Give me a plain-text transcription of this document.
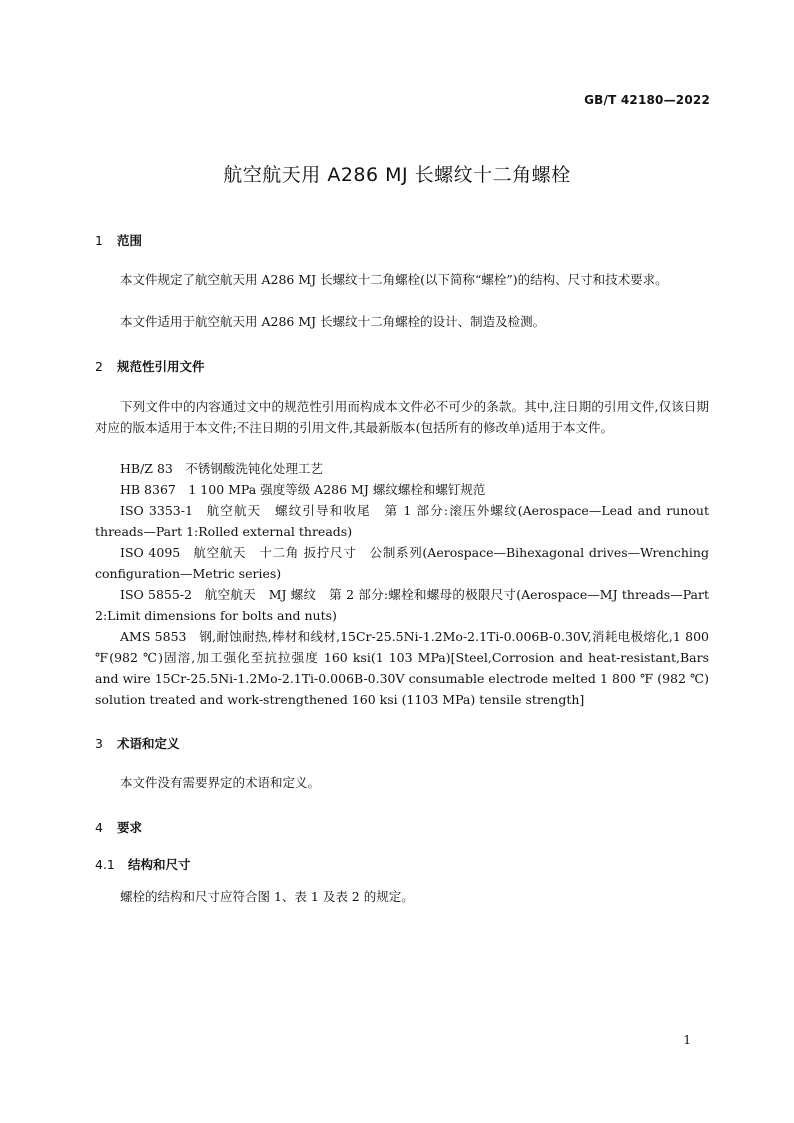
GB/T 42180—2022
航空航天用 A286 MJ 长螺纹十二角螺栓
1 范围
本文件规定了航空航天用 A286 MJ 长螺纹十二角螺栓(以下简称“螺栓”)的结构、尺寸和技术要求。
本文件适用于航空航天用 A286 MJ 长螺纹十二角螺栓的设计、制造及检测。
2 规范性引用文件
下列文件中的内容通过文中的规范性引用而构成本文件必不可少的条款。其中,注日期的引用文件,仅该日期对应的版本适用于本文件;不注日期的引用文件,其最新版本(包括所有的修改单)适用于本文件。
HB/Z 83  不锈钢酸洗钝化处理工艺
HB 8367  1 100 MPa 强度等级 A286 MJ 螺纹螺栓和螺钉规范
ISO 3353-1  航空航天　螺纹引导和收尾　第 1 部分:滚压外螺纹(Aerospace—Lead and runout threads—Part 1:Rolled external threads)
ISO 4095  航空航天　十二角 扳拧尺寸　公制系列(Aerospace—Bihexagonal drives—Wrenching configuration—Metric series)
ISO 5855-2  航空航天　MJ 螺纹　第 2 部分:螺栓和螺母的极限尺寸(Aerospace—MJ threads—Part 2:Limit dimensions for bolts and nuts)
AMS 5853  钢,耐蚀耐热,棒材和线材,15Cr-25.5Ni-1.2Mo-2.1Ti-0.006B-0.30V,消耗电极熔化,1 800 ℉(982 ℃)固溶,加工强化至抗拉强度 160 ksi(1 103 MPa)[Steel,Corrosion and heat-resistant,Bars and wire 15Cr-25.5Ni-1.2Mo-2.1Ti-0.006B-0.30V consumable electrode melted 1 800 ℉ (982 ℃) solution treated and work-strengthened 160 ksi (1103 MPa) tensile strength]
3 术语和定义
本文件没有需要界定的术语和定义。
4 要求
4.1 结构和尺寸
螺栓的结构和尺寸应符合图 1、表 1 及表 2 的规定。
1
